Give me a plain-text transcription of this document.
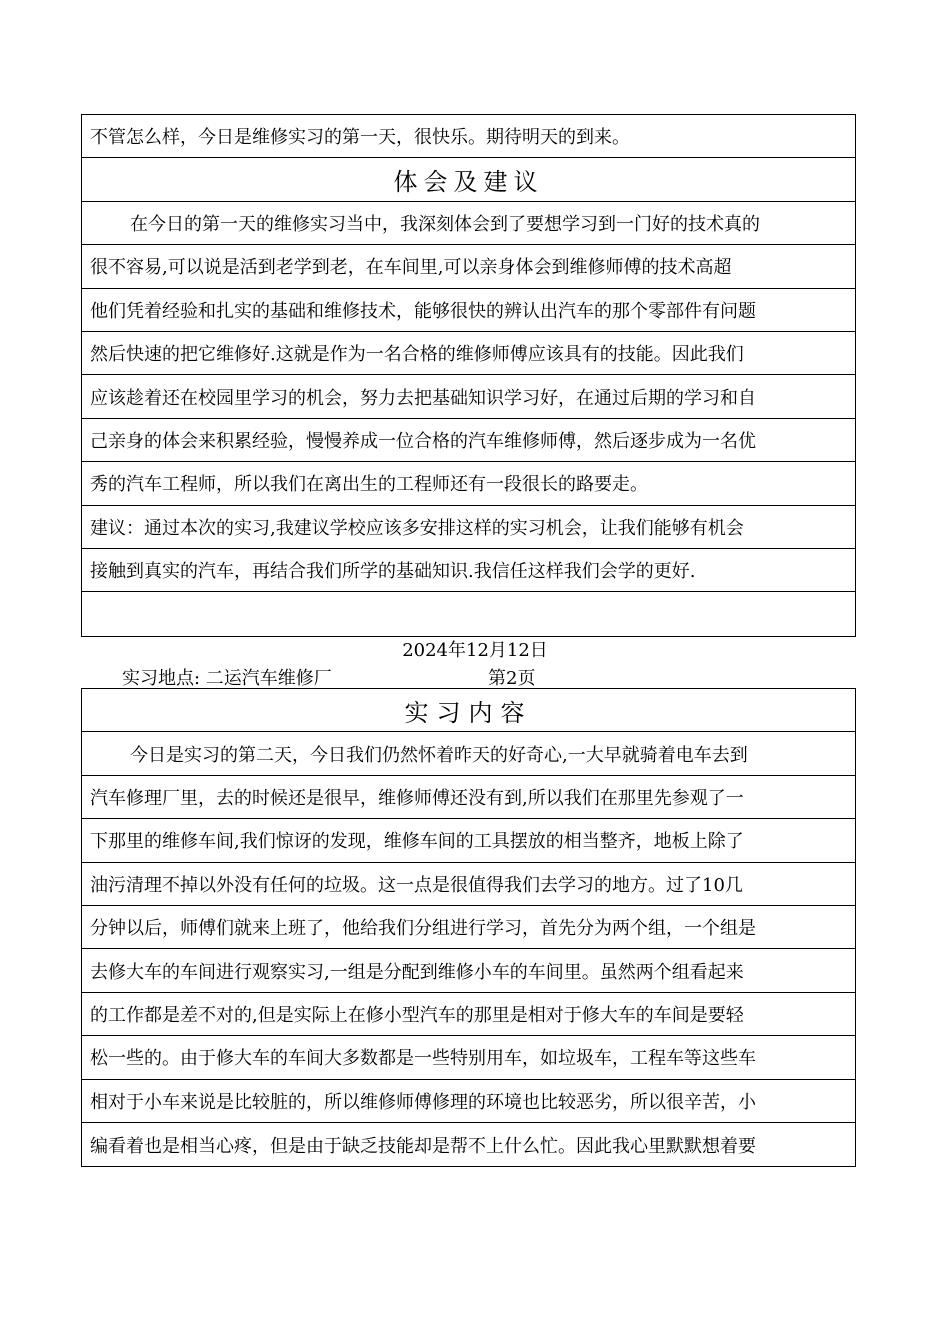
不管怎么样，今日是维修实习的第一天，很快乐。期待明天的到来。
体会及建议
在今日的第一天的维修实习当中，我深刻体会到了要想学习到一门好的技术真的
很不容易,可以说是活到老学到老，在车间里,可以亲身体会到维修师傅的技术高超
他们凭着经验和扎实的基础和维修技术，能够很快的辨认出汽车的那个零部件有问题
然后快速的把它维修好.这就是作为一名合格的维修师傅应该具有的技能。因此我们
应该趁着还在校园里学习的机会，努力去把基础知识学习好，在通过后期的学习和自
己亲身的体会来积累经验，慢慢养成一位合格的汽车维修师傅，然后逐步成为一名优
秀的汽车工程师，所以我们在离出生的工程师还有一段很长的路要走。
建议：通过本次的实习,我建议学校应该多安排这样的实习机会，让我们能够有机会
接触到真实的汽车，再结合我们所学的基础知识.我信任这样我们会学的更好.
2024年12月12日
实习地点: 二运汽车维修厂	第2页
实习内容
今日是实习的第二天，今日我们仍然怀着昨天的好奇心,一大早就骑着电车去到
汽车修理厂里，去的时候还是很早，维修师傅还没有到,所以我们在那里先参观了一
下那里的维修车间,我们惊讶的发现，维修车间的工具摆放的相当整齐，地板上除了
油污清理不掉以外没有任何的垃圾。这一点是很值得我们去学习的地方。过了10几
分钟以后，师傅们就来上班了，他给我们分组进行学习，首先分为两个组，一个组是
去修大车的车间进行观察实习,一组是分配到维修小车的车间里。虽然两个组看起来
的工作都是差不对的,但是实际上在修小型汽车的那里是相对于修大车的车间是要轻
松一些的。由于修大车的车间大多数都是一些特别用车，如垃圾车，工程车等这些车
相对于小车来说是比较脏的，所以维修师傅修理的环境也比较恶劣，所以很辛苦，小
编看着也是相当心疼，但是由于缺乏技能却是帮不上什么忙。因此我心里默默想着要
